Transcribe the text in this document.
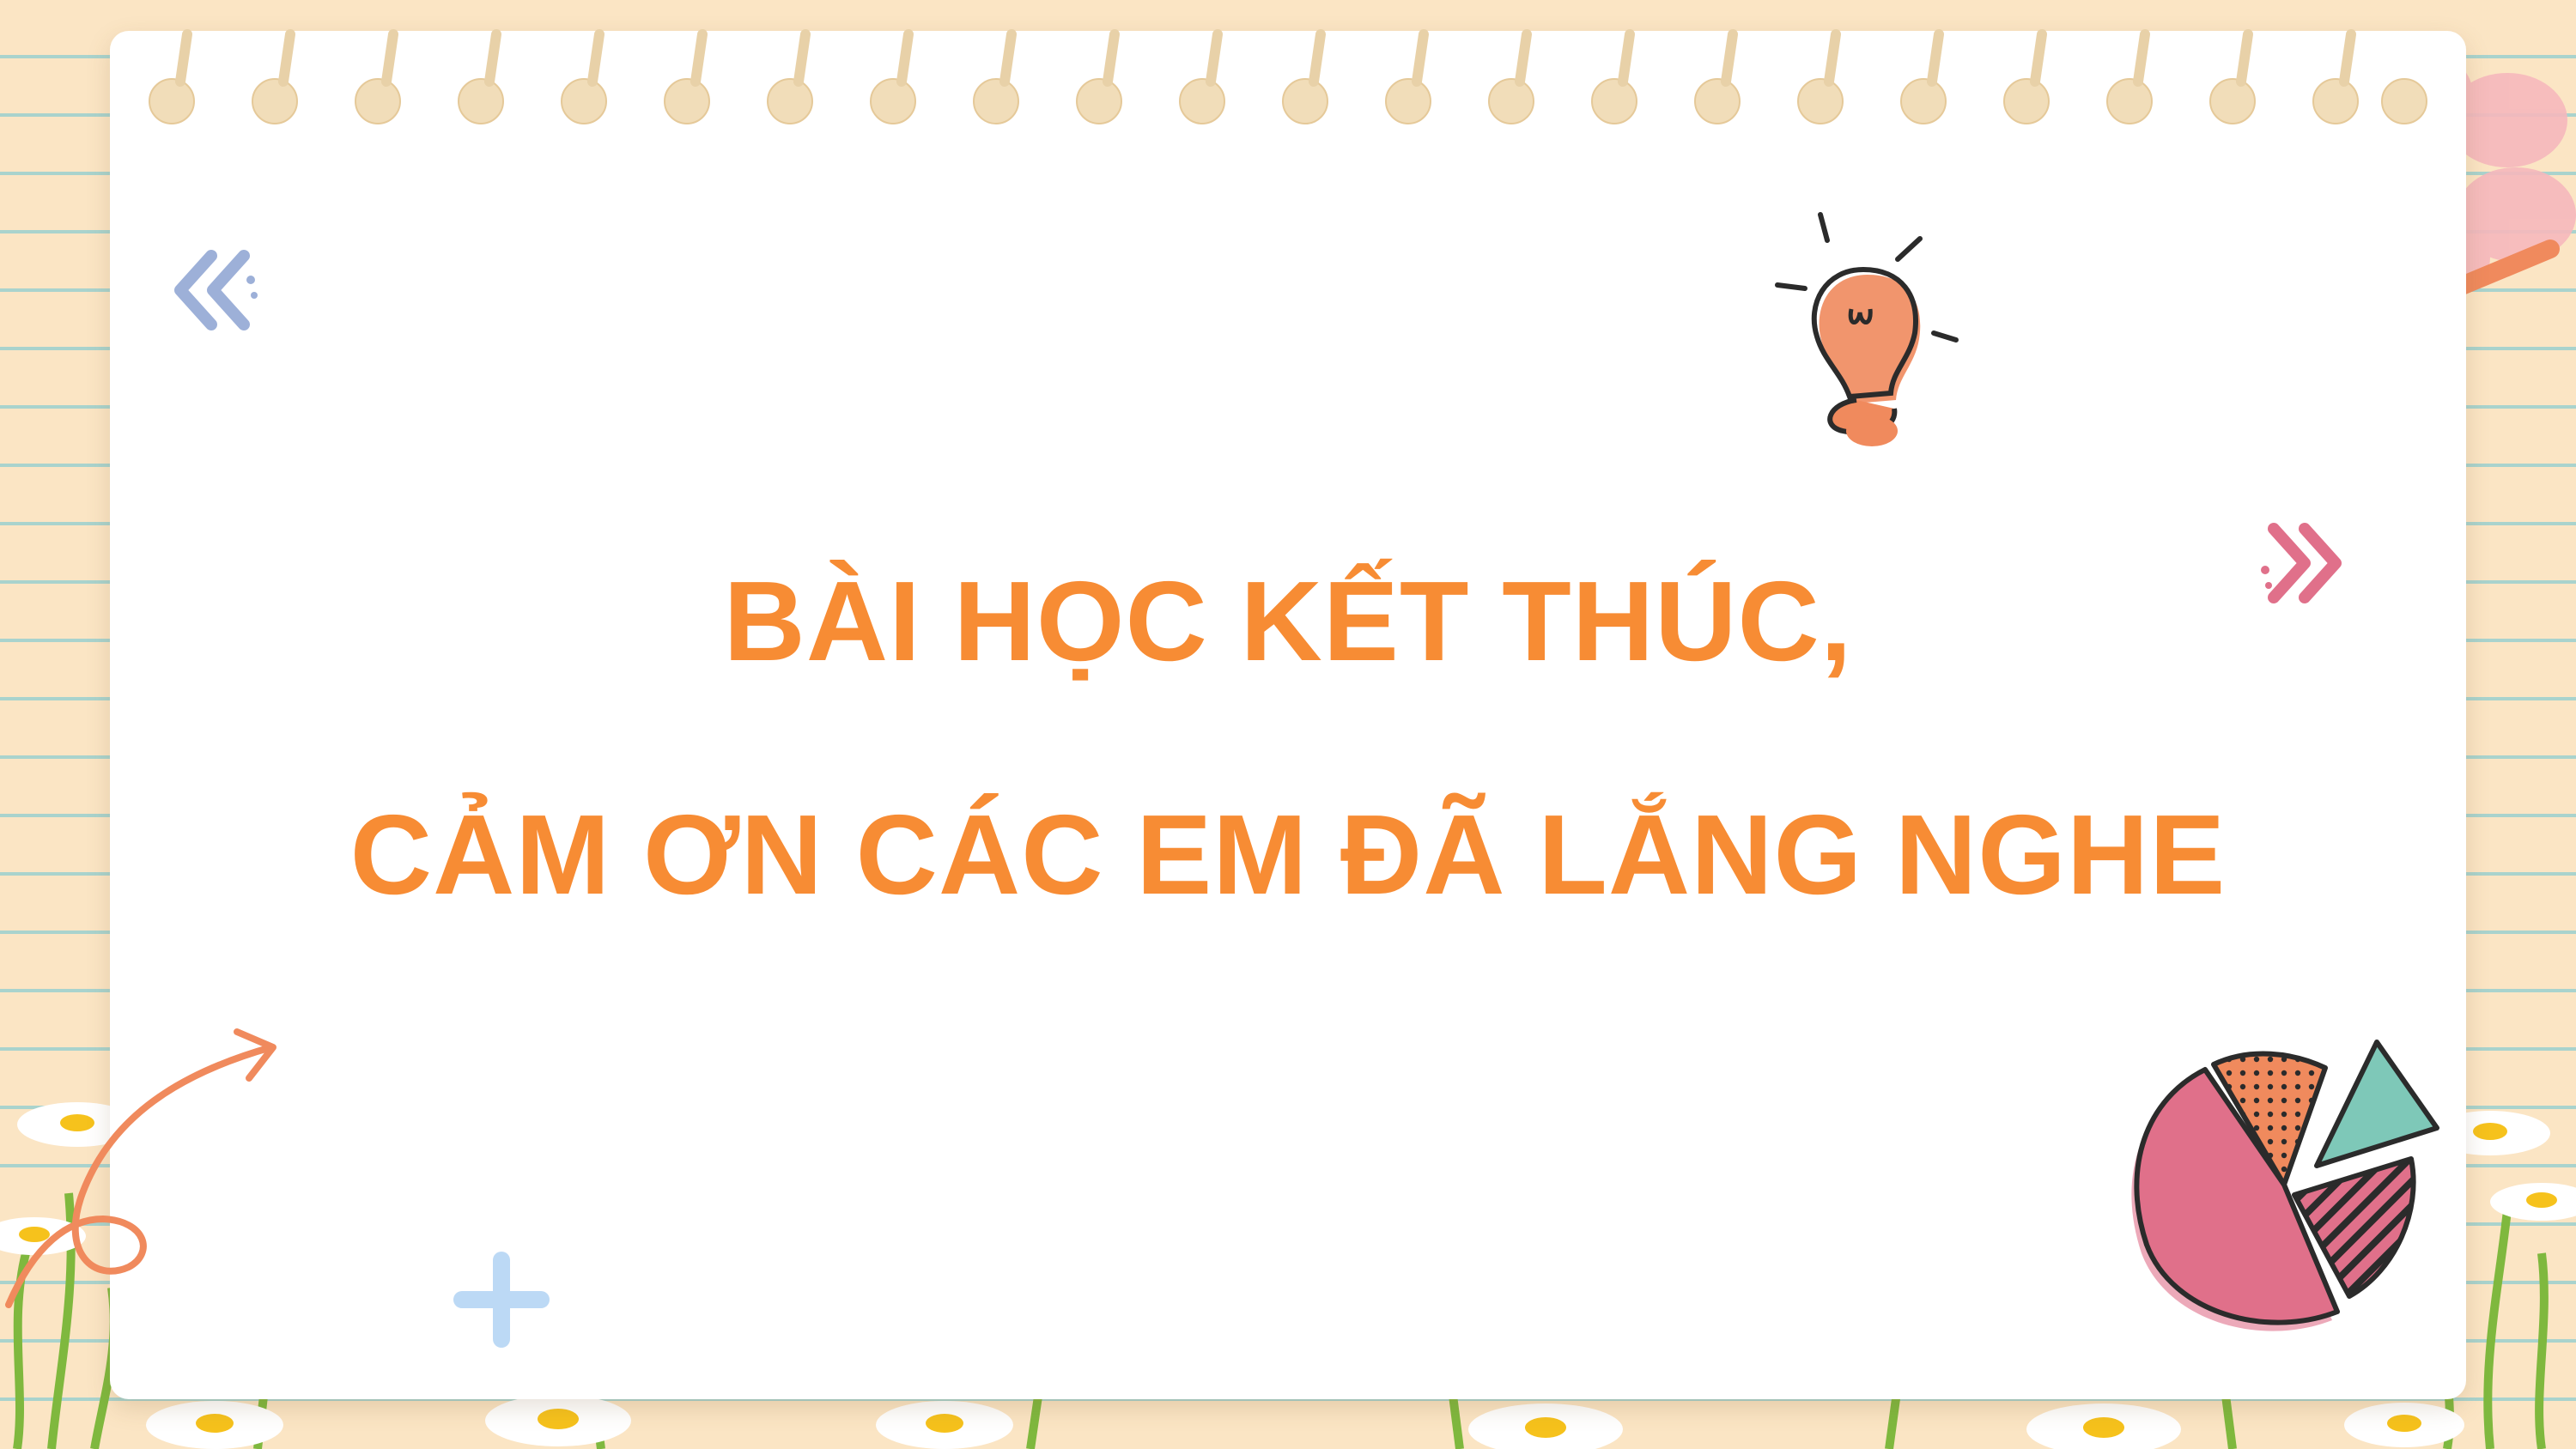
BÀI HỌC KẾT THÚC,
CẢM ƠN CÁC EM ĐÃ LẮNG NGHE
